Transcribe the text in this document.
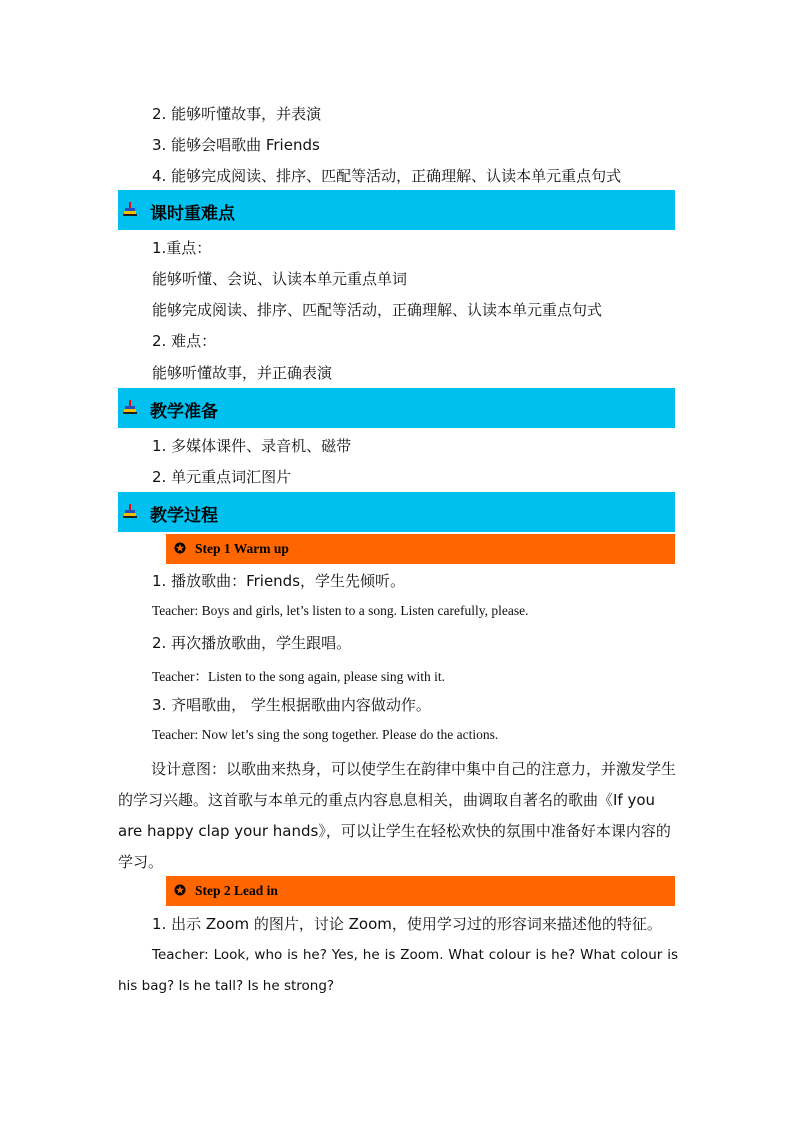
2. 能够听懂故事，并表演
3. 能够会唱歌曲 Friends
4. 能够完成阅读、排序、匹配等活动，正确理解、认读本单元重点句式
课时重难点
1.重点：
能够听懂、会说、认读本单元重点单词
能够完成阅读、排序、匹配等活动，正确理解、认读本单元重点句式
2. 难点：
能够听懂故事，并正确表演
教学准备
1. 多媒体课件、录音机、磁带
2. 单元重点词汇图片
教学过程
Step 1 Warm up
1. 播放歌曲：Friends，学生先倾听。
Teacher: Boys and girls, let’s listen to a song. Listen carefully, please.
2. 再次播放歌曲，学生跟唱。
Teacher：Listen to the song again, please sing with it.
3. 齐唱歌曲， 学生根据歌曲内容做动作。
Teacher: Now let’s sing the song together. Please do the actions.
设计意图：以歌曲来热身，可以使学生在韵律中集中自己的注意力，并激发学生的学习兴趣。这首歌与本单元的重点内容息息相关，曲调取自著名的歌曲《If you are happy clap your hands》，可以让学生在轻松欢快的氛围中准备好本课内容的学习。
Step 2 Lead in
1. 出示 Zoom 的图片，讨论 Zoom，使用学习过的形容词来描述他的特征。
Teacher: Look, who is he? Yes, he is Zoom. What colour is he? What colour is his bag? Is he tall? Is he strong?
